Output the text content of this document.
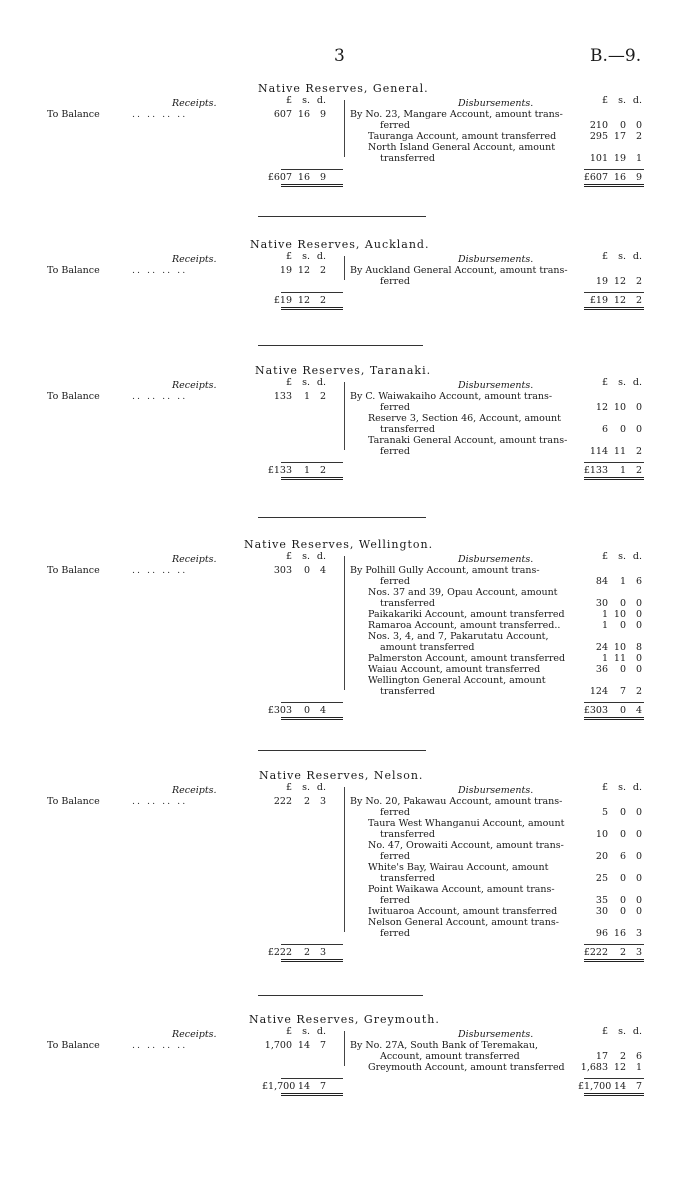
3	B.—9.
Native Reserves, General.
Receipts.	£	s. d.	Disbursements.	£	s. d.
To Balance	.. .. .. ..	607 16	9	By No. 23, Mangare Account, amount trans-
ferred	210	0	0
Tauranga Account, amount transferred	295 17	2
North Island General Account, amount
transferred	101 19	1
£607 16	9	£607 16	9
Native Reserves, Auckland.
Receipts.	£	s. d.	Disbursements.	£	s. d.
To Balance	.. .. .. ..	19 12	2	By Auckland General Account, amount trans-
ferred	19 12	2
£19 12	2	£19 12	2
Native Reserves, Taranaki.
Receipts.	£	s. d.	Disbursements.	£	s. d.
To Balance	.. .. .. ..	133	1	2	By C. Waiwakaiho Account, amount trans-
ferred	12 10	0
Reserve 3, Section 46, Account, amount
transferred	6	0	0
Taranaki General Account, amount trans-
ferred	114 11	2
£133	1	2	£133	1	2
Native Reserves, Wellington.
Receipts.	£	s. d.	Disbursements.	£	s. d.
To Balance	.. .. .. ..	303	0	4	By Polhill Gully Account, amount trans-
ferred	84	1	6
Nos. 37 and 39, Opau Account, amount
transferred	30	0	0
Paikakariki Account, amount transferred	1 10	0
Ramaroa Account, amount transferred..	1	0	0
Nos. 3, 4, and 7, Pakarutatu Account,
amount transferred	24 10	8
Palmerston Account, amount transferred	1 11	0
Waiau Account, amount transferred	36	0	0
Wellington General Account, amount
transferred	124	7	2
£303	0	4	£303	0	4
Native Reserves, Nelson.
Receipts.	£	s. d.	Disbursements.	£	s. d.
To Balance	.. .. .. ..	222	2	3	By No. 20, Pakawau Account, amount trans-
ferred	5	0	0
Taura West Whanganui Account, amount
transferred	10	0	0
No. 47, Orowaiti Account, amount trans-
ferred	20	6	0
White's Bay, Wairau Account, amount
transferred	25	0	0
Point Waikawa Account, amount trans-
ferred	35	0	0
Iwituaroa Account, amount transferred	30	0	0
Nelson General Account, amount trans-
ferred	96 16	3
£222	2	3	£222	2	3
Native Reserves, Greymouth.
Receipts.	£	s. d.	Disbursements.	£	s. d.
To Balance	.. .. .. ..	1,700 14	7	By No. 27A, South Bank of Teremakau,
Account, amount transferred	17	2	6
Greymouth Account, amount transferred 1,683 12	1
£1,700 14	7	£1,700 14	7
